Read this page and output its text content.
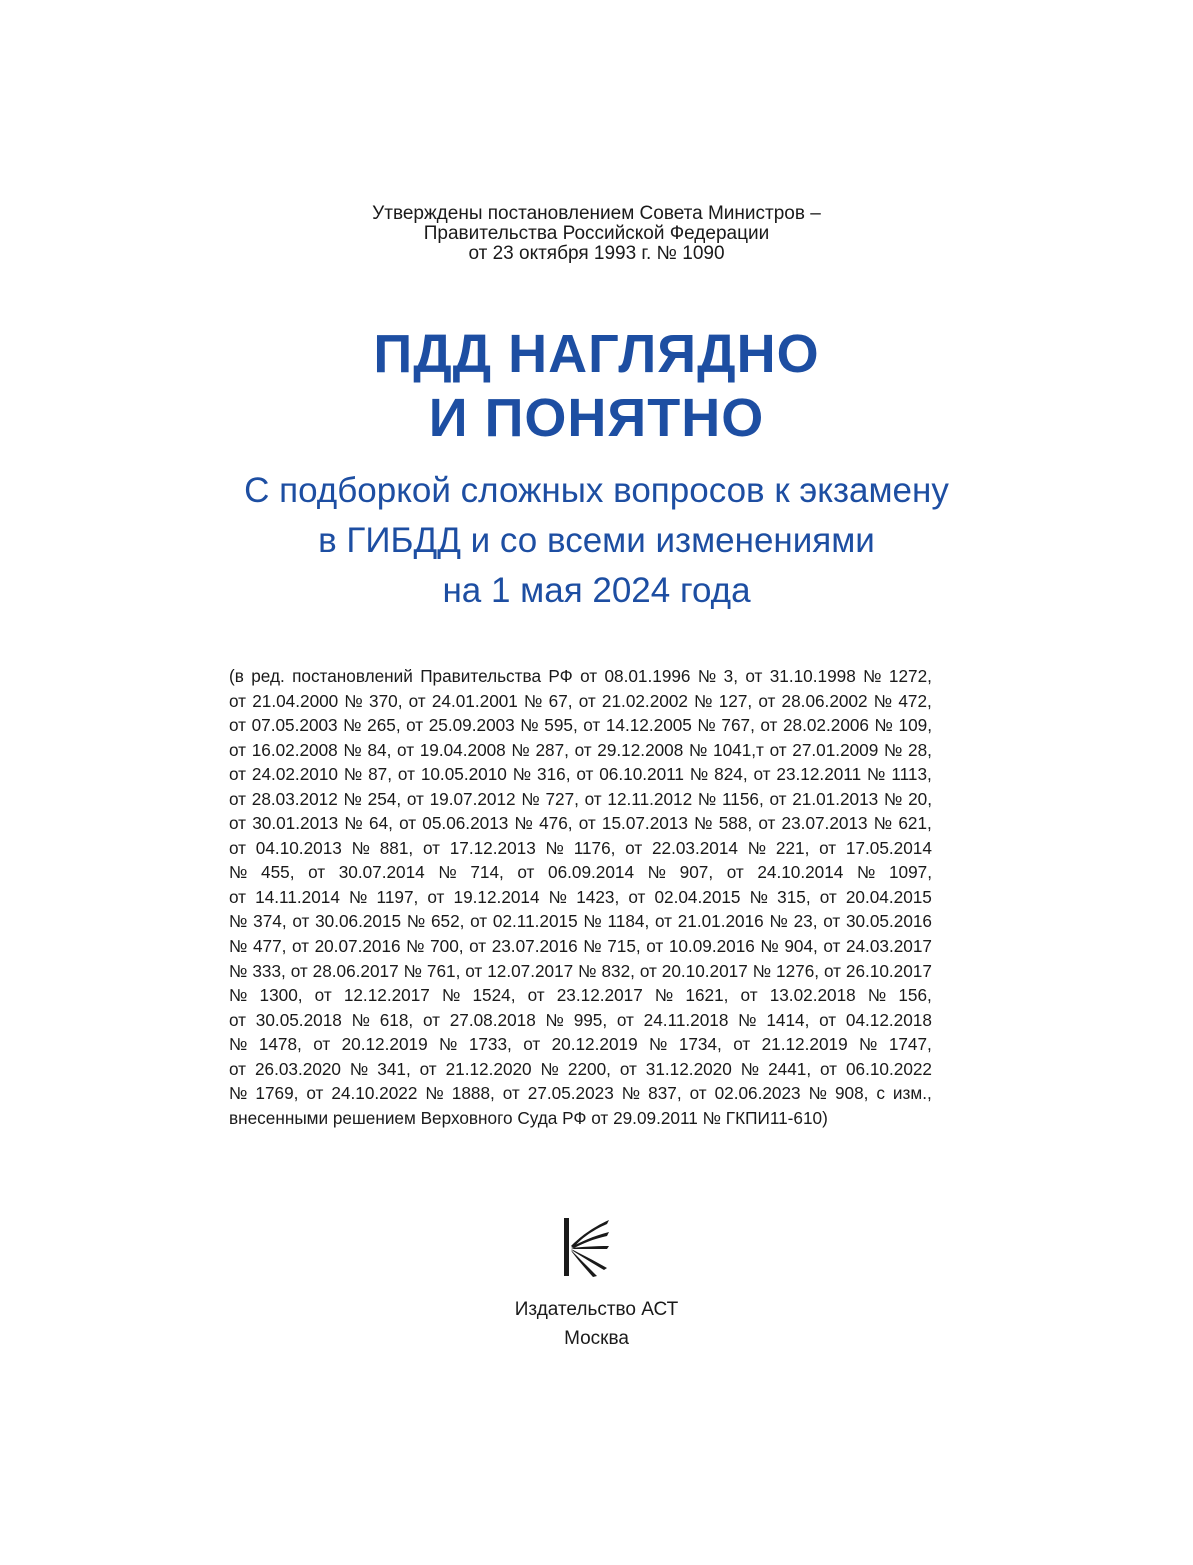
Утверждены постановлением Совета Министров –
Правительства Российской Федерации
от 23 октября 1993 г. № 1090
ПДД НАГЛЯДНО
И ПОНЯТНО
С подборкой сложных вопросов к экзамену
в ГИБДД и со всеми изменениями
на 1 мая 2024 года
(в ред. постановлений Правительства РФ от 08.01.1996 № 3, от 31.10.1998 № 1272,
от 21.04.2000 № 370, от 24.01.2001 № 67, от 21.02.2002 № 127, от 28.06.2002 № 472,
от 07.05.2003 № 265, от 25.09.2003 № 595, от 14.12.2005 № 767, от 28.02.2006 № 109,
от 16.02.2008 № 84, от 19.04.2008 № 287, от 29.12.2008 № 1041,т от 27.01.2009 № 28,
от 24.02.2010 № 87, от 10.05.2010 № 316, от 06.10.2011 № 824, от 23.12.2011 № 1113,
от 28.03.2012 № 254, от 19.07.2012 № 727, от 12.11.2012 № 1156, от 21.01.2013 № 20,
от 30.01.2013 № 64, от 05.06.2013 № 476, от 15.07.2013 № 588, от 23.07.2013 № 621,
от 04.10.2013 № 881, от 17.12.2013 № 1176, от 22.03.2014 № 221, от 17.05.2014
№ 455, от 30.07.2014 № 714, от 06.09.2014 № 907, от 24.10.2014 № 1097,
от 14.11.2014 № 1197, от 19.12.2014 № 1423, от 02.04.2015 № 315, от 20.04.2015
№ 374, от 30.06.2015 № 652, от 02.11.2015 № 1184, от 21.01.2016 № 23, от 30.05.2016
№ 477, от 20.07.2016 № 700, от 23.07.2016 № 715, от 10.09.2016 № 904, от 24.03.2017
№ 333, от 28.06.2017 № 761, от 12.07.2017 № 832, от 20.10.2017 № 1276, от 26.10.2017
№ 1300, от 12.12.2017 № 1524, от 23.12.2017 № 1621, от 13.02.2018 № 156,
от 30.05.2018 № 618, от 27.08.2018 № 995, от 24.11.2018 № 1414, от 04.12.2018
№ 1478, от 20.12.2019 № 1733, от 20.12.2019 № 1734, от 21.12.2019 № 1747,
от 26.03.2020 № 341, от 21.12.2020 № 2200, от 31.12.2020 № 2441, от 06.10.2022
№ 1769, от 24.10.2022 № 1888, от 27.05.2023 № 837, от 02.06.2023 № 908, с изм.,
внесенными решением Верховного Суда РФ от 29.09.2011 № ГКПИ11-610)
Издательство АСТ
Москва
